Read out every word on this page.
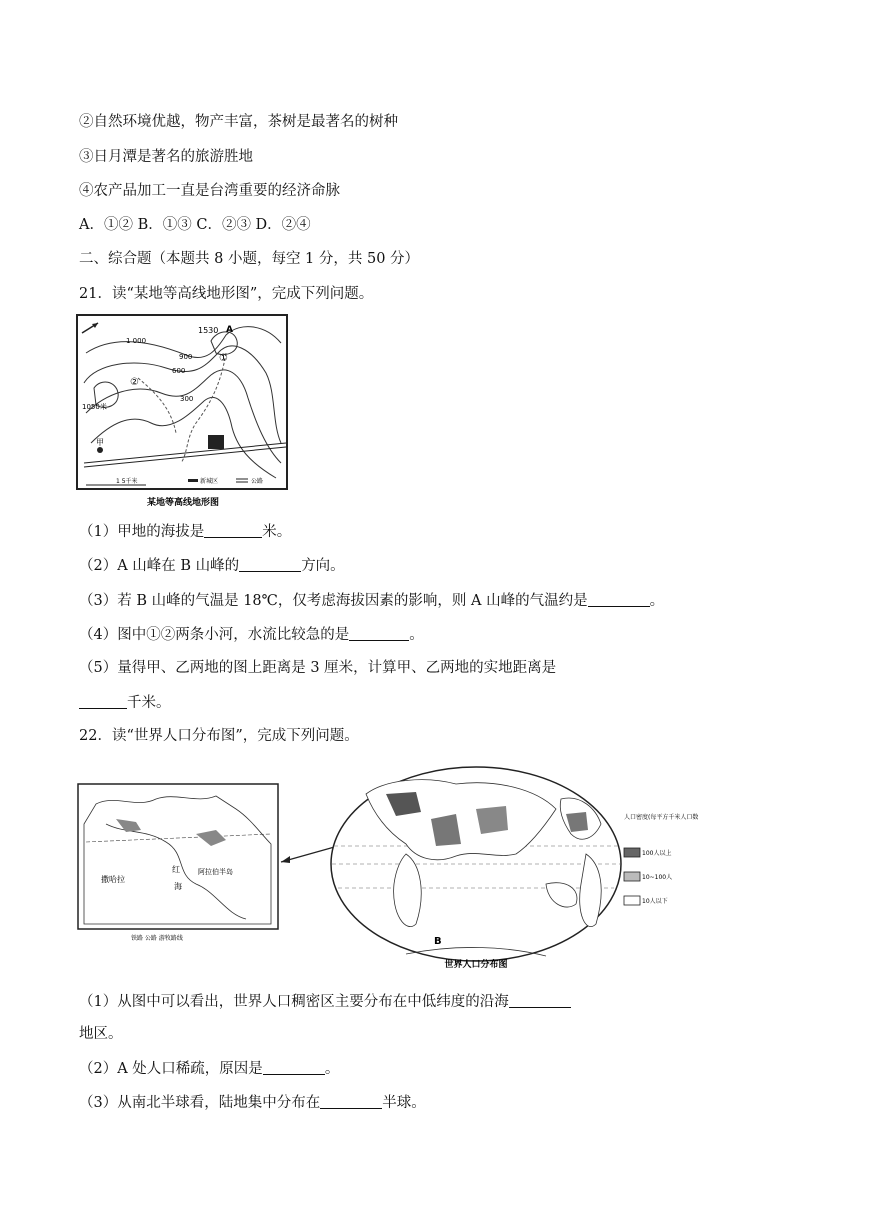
②自然环境优越，物产丰富，茶树是最著名的树种
③日月潭是著名的旅游胜地
④农产品加工一直是台湾重要的经济命脉
A．①② B．①③ C．②③ D．②④
二、综合题（本题共 8 小题，每空 1 分，共 50 分）
21．读“某地等高线地形图”，完成下列问题。
1 000
1530 A
900
600
300
①
②
1050米
甲
1 5千米	新城区	公路
某地等高线地形图
（1）甲地的海拔是	米。
（2）A 山峰在 B 山峰的	方向。
（3）若 B 山峰的气温是 18℃，仅考虑海拔因素的影响，则 A 山峰的气温约是	。
（4）图中①②两条小河，水流比较急的是	。
（5）量得甲、乙两地的图上距离是 3 厘米，计算甲、乙两地的实地距离是
千米。
22．读“世界人口分布图”，完成下列问题。
撒哈拉
红
海
阿拉伯半岛
铁路 公路 游牧路线	B
世界人口分布图
人口密度(每平方千米人口数)
100人以上
10~100人
10人以下
（1）从图中可以看出，世界人口稠密区主要分布在中低纬度的沿海
地区。
（2）A 处人口稀疏，原因是	。
（3）从南北半球看，陆地集中分布在	半球。
